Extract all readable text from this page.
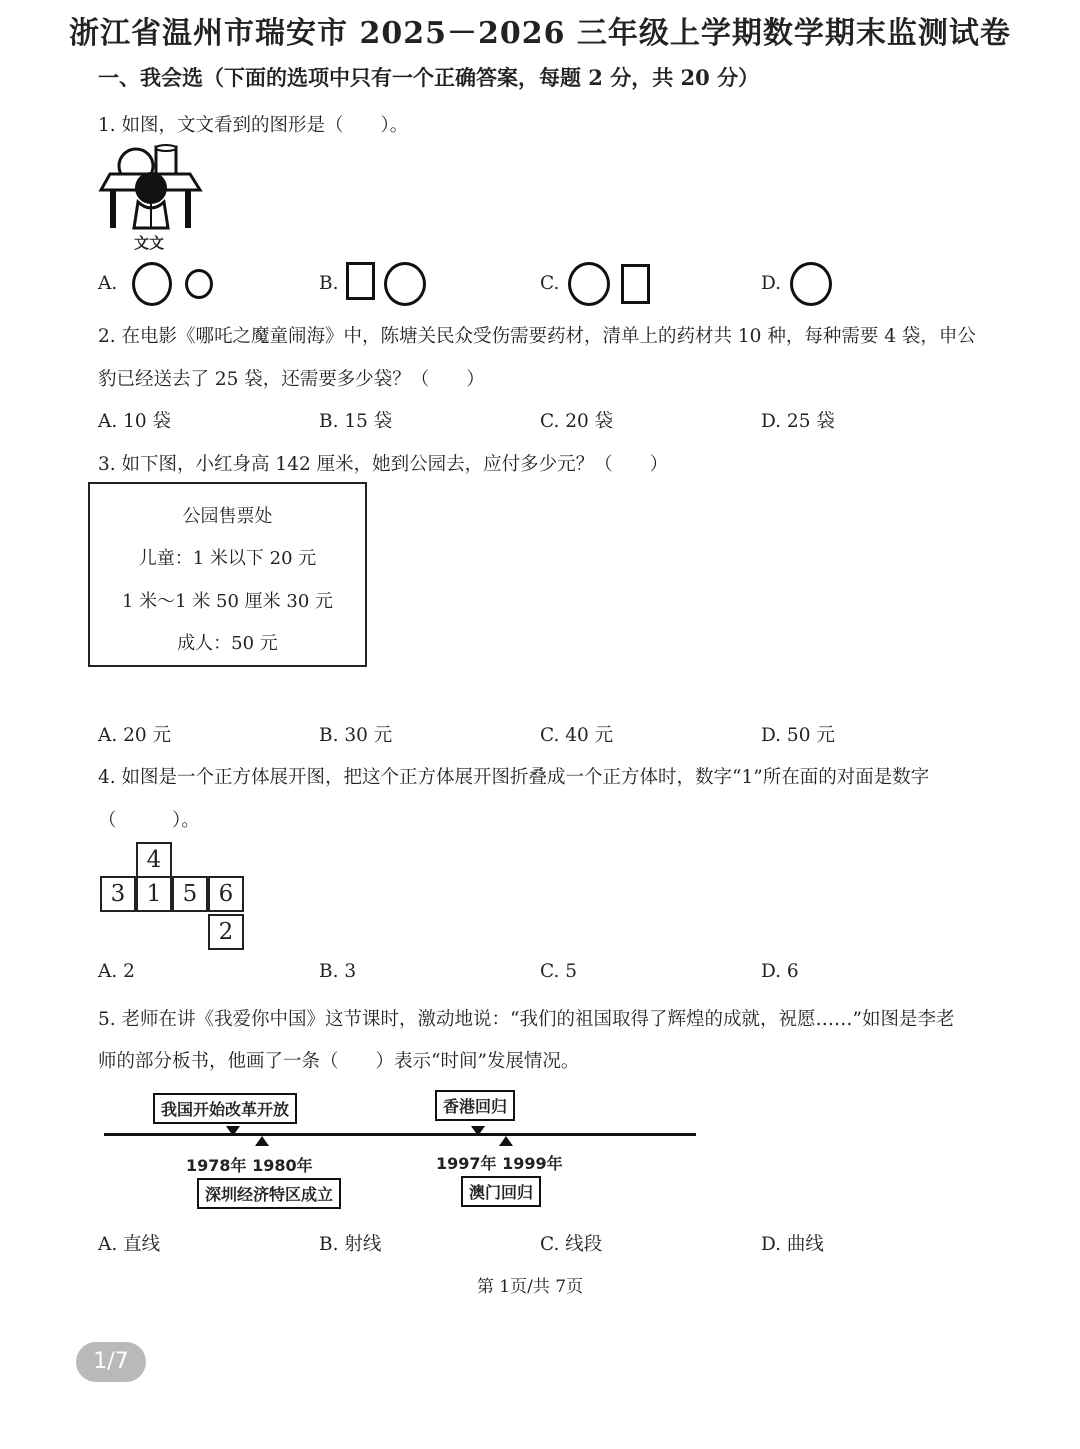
浙江省温州市瑞安市 2025－2026 三年级上学期数学期末监测试卷
一、我会选（下面的选项中只有一个正确答案，每题 2 分，共 20 分）
1. 如图，文文看到的图形是（　　）。
文文
A.	B.	C.	D.
2. 在电影《哪吒之魔童闹海》中，陈塘关民众受伤需要药材，清单上的药材共 10 种，每种需要 4 袋，申公
豹已经送去了 25 袋，还需要多少袋？（　　）
A. 10 袋	B. 15 袋	C. 20 袋	D. 25 袋
3. 如下图，小红身高 142 厘米，她到公园去，应付多少元？（　　）
公园售票处
儿童：1 米以下 20 元
1 米～1 米 50 厘米 30 元
成人：50 元
A. 20 元	B. 30 元	C. 40 元	D. 50 元
4. 如图是一个正方体展开图，把这个正方体展开图折叠成一个正方体时，数字“1”所在面的对面是数字
（　　　）。
4
3 1 5 6
2
A. 2	B. 3	C. 5	D. 6
5. 老师在讲《我爱你中国》这节课时，激动地说：“我们的祖国取得了辉煌的成就，祝愿……”如图是李老
师的部分板书，他画了一条（　　）表示“时间”发展情况。
我国开始改革开放	香港回归
1978年 1980年	1997年 1999年
深圳经济特区成立	澳门回归
A. 直线	B. 射线	C. 线段	D. 曲线
第 1页/共 7页
1/7
